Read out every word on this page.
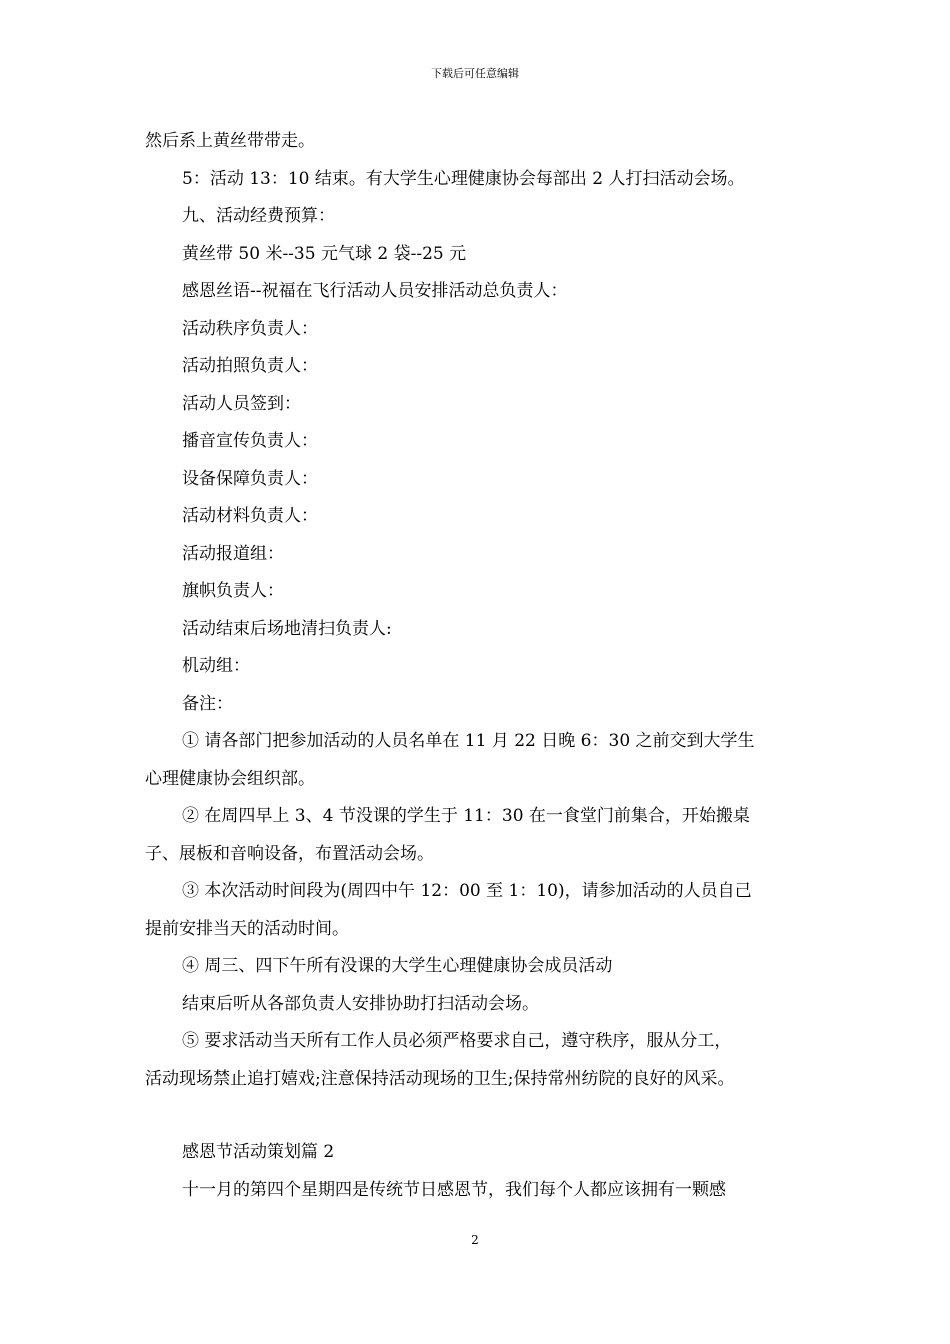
下载后可任意编辑

然后系上黄丝带带走。

5：活动 13：10 结束。有大学生心理健康协会每部出 2 人打扫活动会场。

九、活动经费预算：

黄丝带 50 米--35 元气球 2 袋--25 元

感恩丝语--祝福在飞行活动人员安排活动总负责人：

活动秩序负责人：

活动拍照负责人：

活动人员签到：

播音宣传负责人：

设备保障负责人：

活动材料负责人：

活动报道组：

旗帜负责人：

活动结束后场地清扫负责人:

机动组：

备注：

① 请各部门把参加活动的人员名单在 11 月 22 日晚 6：30 之前交到大学生
心理健康协会组织部。

② 在周四早上 3、4 节没课的学生于 11：30 在一食堂门前集合，开始搬桌
子、展板和音响设备，布置活动会场。

③ 本次活动时间段为(周四中午 12：00 至 1：10)，请参加活动的人员自己
提前安排当天的活动时间。

④ 周三、四下午所有没课的大学生心理健康协会成员活动

结束后听从各部负责人安排协助打扫活动会场。

⑤ 要求活动当天所有工作人员必须严格要求自己，遵守秩序，服从分工，
活动现场禁止追打嬉戏;注意保持活动现场的卫生;保持常州纺院的良好的风采。

感恩节活动策划篇 2

十一月的第四个星期四是传统节日感恩节，我们每个人都应该拥有一颗感

2
